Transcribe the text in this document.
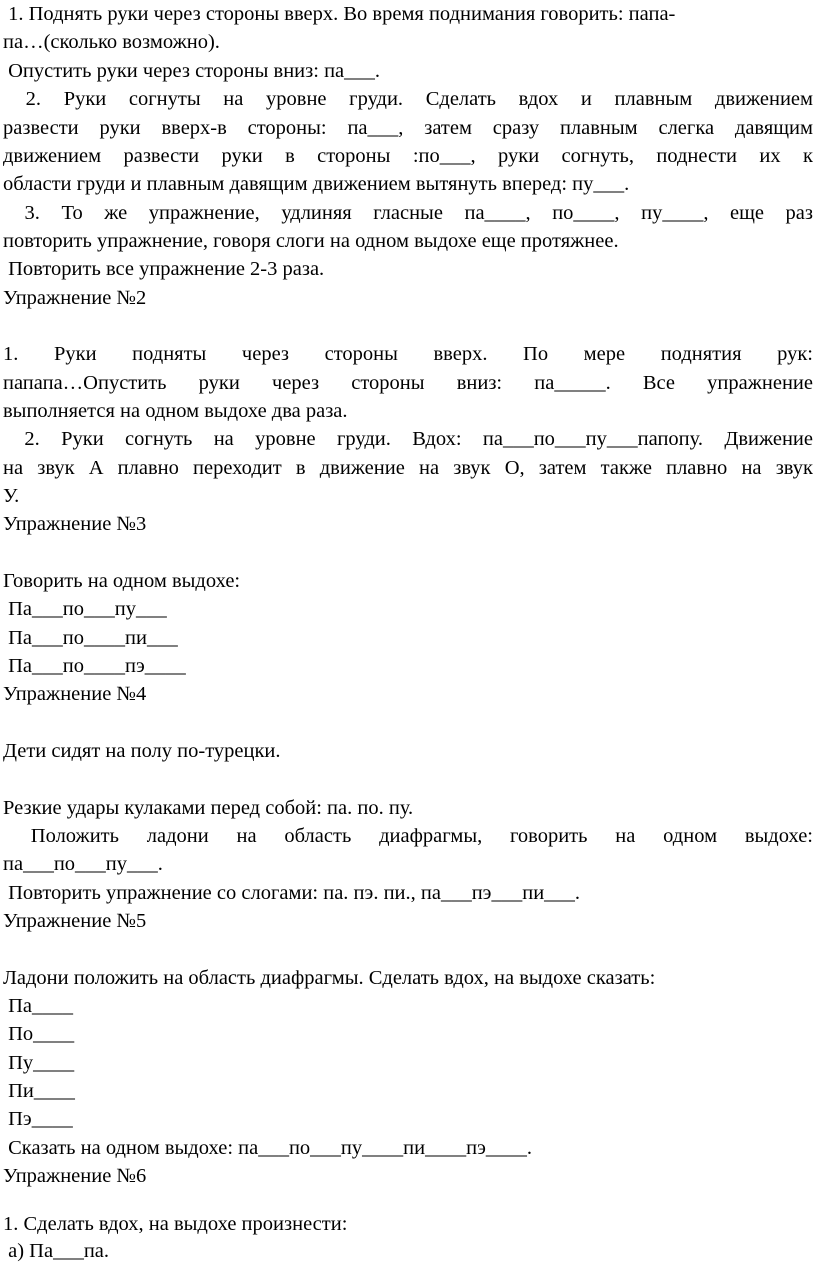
1. Поднять руки через стороны вверх. Во время поднимания говорить: папа-
па…(сколько возможно).
Опустить руки через стороны вниз: па___.
2. Руки согнуты на уровне груди. Сделать вдох и плавным движением
развести руки вверх-в стороны: па___, затем сразу плавным слегка давящим
движением развести руки в стороны :по___, руки согнуть, поднести их к
области груди и плавным давящим движением вытянуть вперед: пу___.
3. То же упражнение, удлиняя гласные па____, по____, пу____, еще раз
повторить упражнение, говоря слоги на одном выдохе еще протяжнее.
Повторить все упражнение 2-3 раза.
Упражнение №2
1. Руки подняты через стороны вверх. По мере поднятия рук:
папапа…Опустить руки через стороны вниз: па_____. Все упражнение
выполняется на одном выдохе два раза.
2. Руки согнуть на уровне груди. Вдох: па___по___пу___папопу. Движение
на звук А плавно переходит в движение на звук О, затем также плавно на звук
У.
Упражнение №3
Говорить на одном выдохе:
Па___по___пу___
Па___по____пи___
Па___по____пэ____
Упражнение №4
Дети сидят на полу по-турецки.
Резкие удары кулаками перед собой: па. по. пу.
Положить ладони на область диафрагмы, говорить на одном выдохе:
па___по___пу___.
Повторить упражнение со слогами: па. пэ. пи., па___пэ___пи___.
Упражнение №5
Ладони положить на область диафрагмы. Сделать вдох, на выдохе сказать:
Па____
По____
Пу____
Пи____
Пэ____
Сказать на одном выдохе: па___по___пу____пи____пэ____.
Упражнение №6
1. Сделать вдох, на выдохе произнести:
а) Па___па.
